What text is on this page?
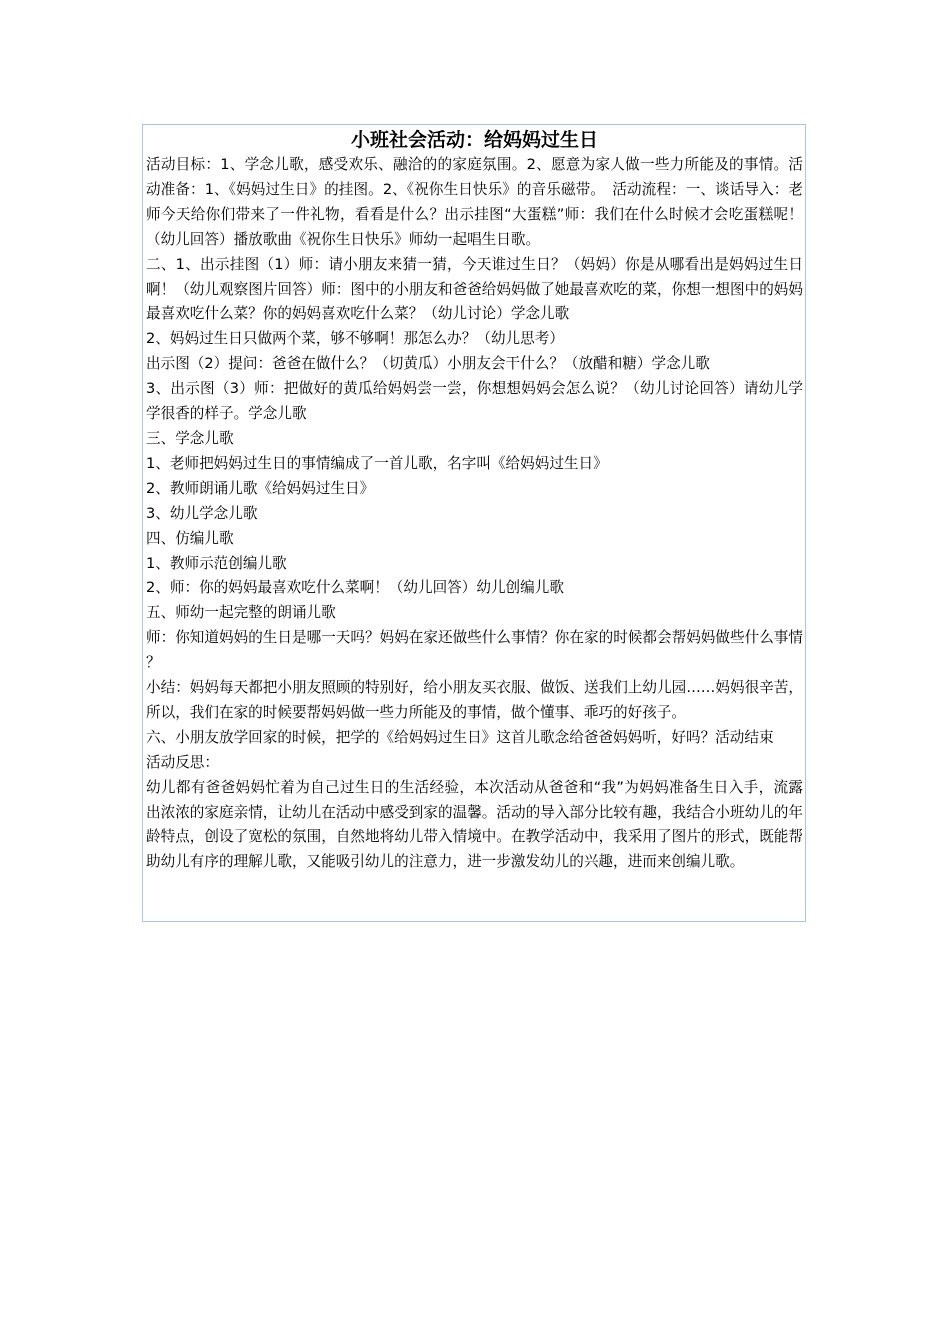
小班社会活动：给妈妈过生日

活动目标：1、学念儿歌，感受欢乐、融洽的的家庭氛围。2、愿意为家人做一些力所能及的事情。活动准备：1、《妈妈过生日》的挂图。2、《祝你生日快乐》的音乐磁带。　活动流程：一、谈话导入：老师今天给你们带来了一件礼物，看看是什么？出示挂图“大蛋糕”师：我们在什么时候才会吃蛋糕呢！（幼儿回答）播放歌曲《祝你生日快乐》师幼一起唱生日歌。

二、1、出示挂图（1）师：请小朋友来猜一猜，今天谁过生日？（妈妈）你是从哪看出是妈妈过生日啊！（幼儿观察图片回答）师：图中的小朋友和爸爸给妈妈做了她最喜欢吃的菜，你想一想图中的妈妈最喜欢吃什么菜？你的妈妈喜欢吃什么菜？（幼儿讨论）学念儿歌

2、妈妈过生日只做两个菜，够不够啊！那怎么办？（幼儿思考）

出示图（2）提问：爸爸在做什么？（切黄瓜）小朋友会干什么？（放醋和糖）学念儿歌

3、出示图（3）师：把做好的黄瓜给妈妈尝一尝，你想想妈妈会怎么说？（幼儿讨论回答）请幼儿学学很香的样子。学念儿歌

三、学念儿歌

1、老师把妈妈过生日的事情编成了一首儿歌，名字叫《给妈妈过生日》

2、教师朗诵儿歌《给妈妈过生日》

3、幼儿学念儿歌

四、仿编儿歌

1、教师示范创编儿歌

2、师：你的妈妈最喜欢吃什么菜啊！（幼儿回答）幼儿创编儿歌

五、师幼一起完整的朗诵儿歌

师：你知道妈妈的生日是哪一天吗？妈妈在家还做些什么事情？你在家的时候都会帮妈妈做些什么事情？

小结：妈妈每天都把小朋友照顾的特别好，给小朋友买衣服、做饭、送我们上幼儿园……妈妈很辛苦，所以，我们在家的时候要帮妈妈做一些力所能及的事情，做个懂事、乖巧的好孩子。

六、小朋友放学回家的时候，把学的《给妈妈过生日》这首儿歌念给爸爸妈妈听，好吗？活动结束

活动反思：

幼儿都有爸爸妈妈忙着为自己过生日的生活经验，本次活动从爸爸和“我”为妈妈准备生日入手，流露出浓浓的家庭亲情，让幼儿在活动中感受到家的温馨。活动的导入部分比较有趣，我结合小班幼儿的年龄特点，创设了宽松的氛围，自然地将幼儿带入情境中。在教学活动中，我采用了图片的形式，既能帮助幼儿有序的理解儿歌，又能吸引幼儿的注意力，进一步激发幼儿的兴趣，进而来创编儿歌。
